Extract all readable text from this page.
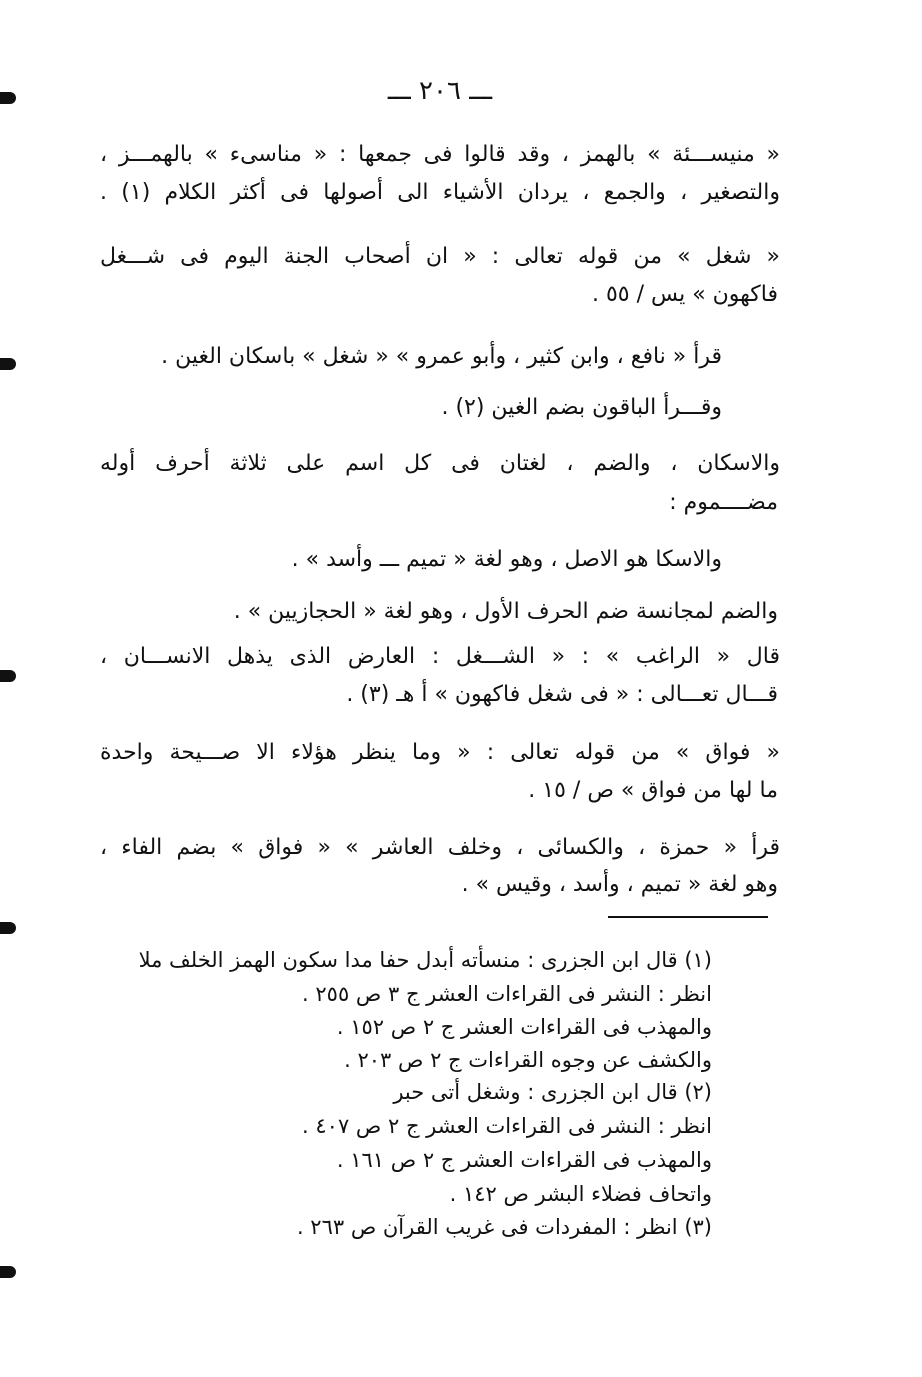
ـــ ٢٠٦ ـــ
« منيســـئة » بالهمز ، وقد قالوا فى جمعها : « مناسىء » بالهمـــز ،
والتصغير ، والجمع ، يردان الأشياء الى أصولها فى أكثر الكلام (١) .
« شغل » من قوله تعالى : « ان أصحاب الجنة اليوم فى شـــغل
فاكهون » يس / ٥٥ .
قرأ « نافع ، وابن كثير ، وأبو عمرو » « شغل » باسكان الغين .
وقـــرأ الباقون بضم الغين (٢) .
والاسكان ، والضم ، لغتان فى كل اسم على ثلاثة أحرف أوله
مضــــموم :
والاسكا هو الاصل ، وهو لغة « تميم ـــ وأسد » .
والضم لمجانسة ضم الحرف الأول ، وهو لغة « الحجازيين » .
قال « الراغب » : « الشـــغل : العارض الذى يذهل الانســـان ،
قـــال تعـــالى : « فى شغل فاكهون » أ هـ (٣) .
« فواق » من قوله تعالى : « وما ينظر هؤلاء الا صـــيحة واحدة
ما لها من فواق » ص / ١٥ .
قرأ « حمزة ، والكسائى ، وخلف العاشر » « فواق » بضم الفاء ،
وهو لغة « تميم ، وأسد ، وقيس » .
(١) قال ابن الجزرى : منسأته أبدل حفا مدا سكون الهمز الخلف ملا
انظر : النشر فى القراءات العشر ج ٣ ص ٢٥٥ .
والمهذب فى القراءات العشر ج ٢ ص ١٥٢ .
والكشف عن وجوه القراءات ج ٢ ص ٢٠٣ .
(٢) قال ابن الجزرى : وشغل أتى حبر
انظر : النشر فى القراءات العشر ج ٢ ص ٤٠٧ .
والمهذب فى القراءات العشر ج ٢ ص ١٦١ .
واتحاف فضلاء البشر ص ١٤٢ .
(٣) انظر : المفردات فى غريب القرآن ص ٢٦٣ .
